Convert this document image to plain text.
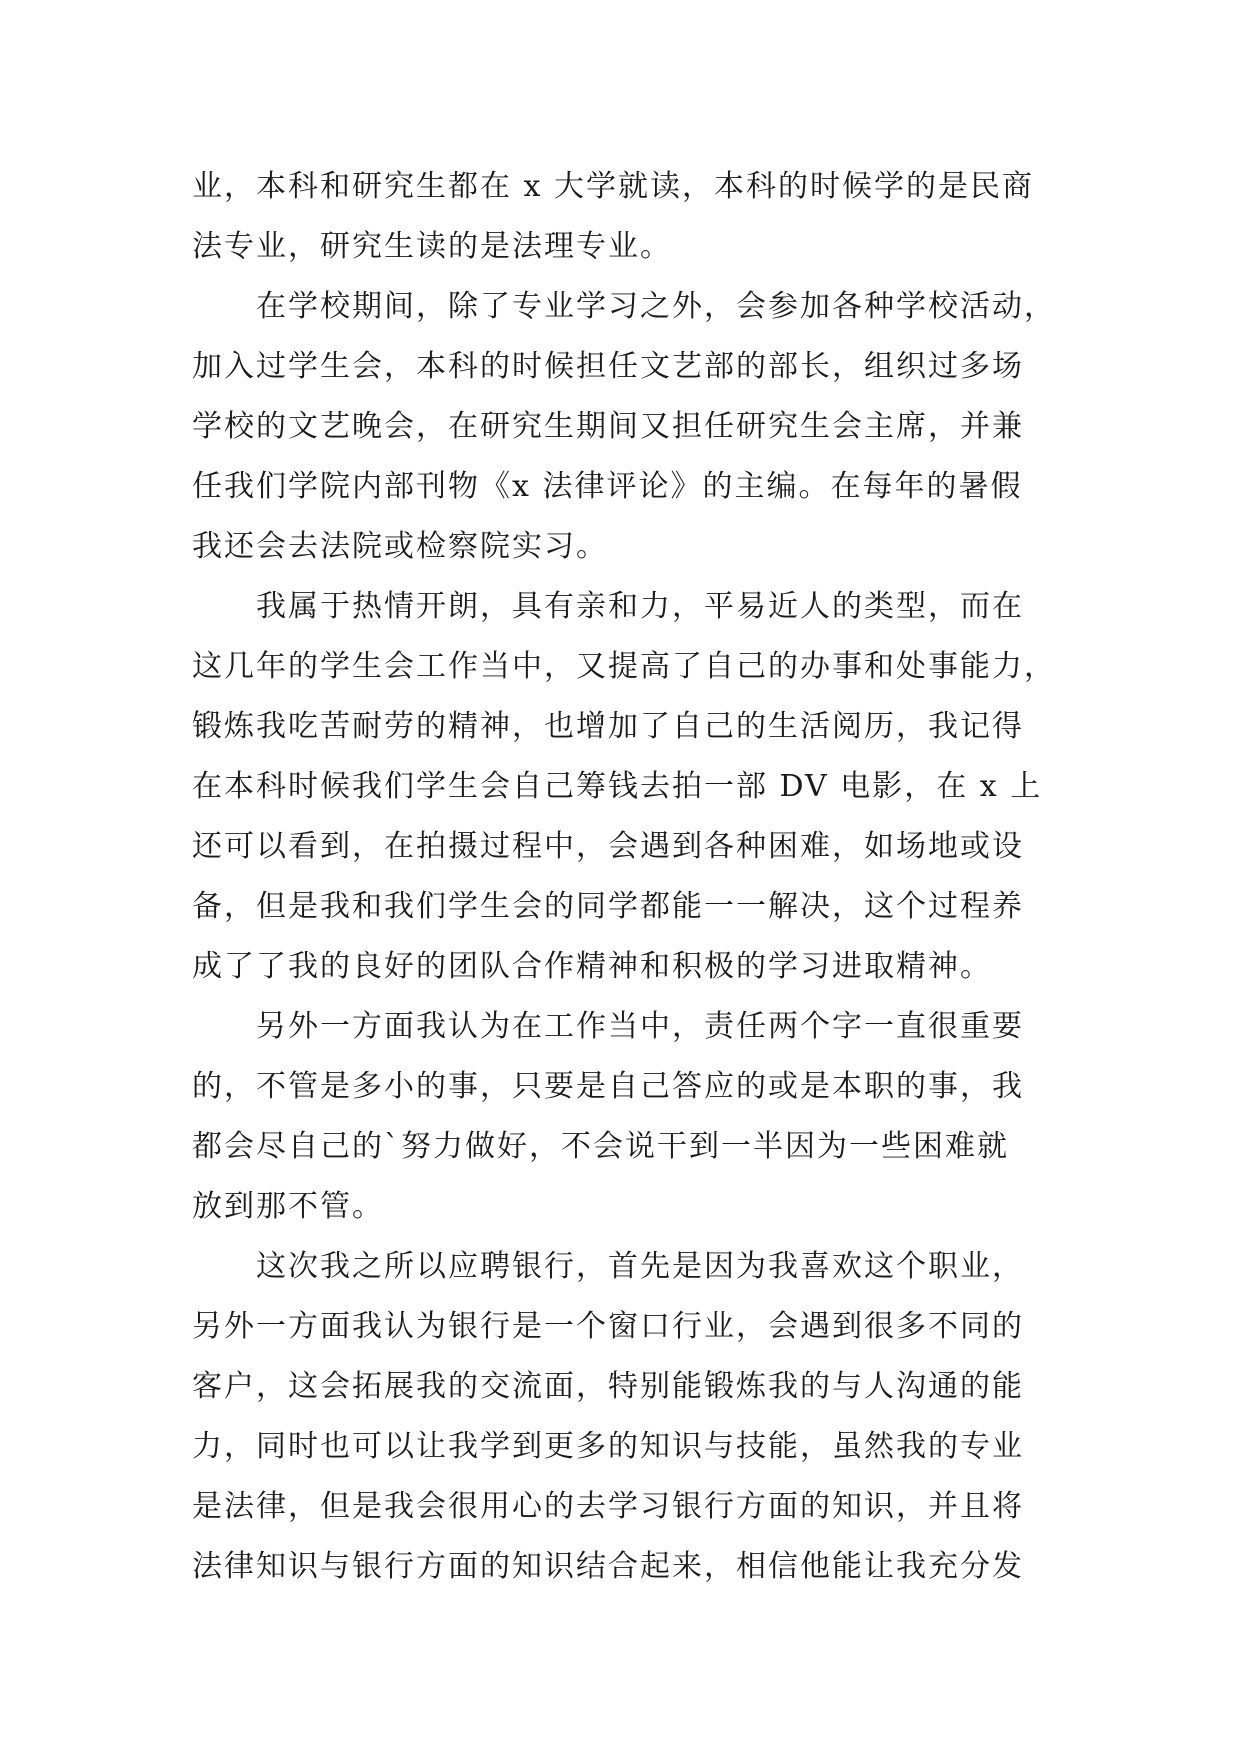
业，本科和研究生都在 x 大学就读，本科的时候学的是民商
法专业，研究生读的是法理专业。

在学校期间，除了专业学习之外，会参加各种学校活动，
加入过学生会，本科的时候担任文艺部的部长，组织过多场
学校的文艺晚会，在研究生期间又担任研究生会主席，并兼
任我们学院内部刊物《x 法律评论》的主编。在每年的暑假
我还会去法院或检察院实习。

我属于热情开朗，具有亲和力，平易近人的类型，而在
这几年的学生会工作当中，又提高了自己的办事和处事能力，
锻炼我吃苦耐劳的精神，也增加了自己的生活阅历，我记得
在本科时候我们学生会自己筹钱去拍一部 DV 电影，在 x 上
还可以看到，在拍摄过程中，会遇到各种困难，如场地或设
备，但是我和我们学生会的同学都能一一解决，这个过程养
成了了我的良好的团队合作精神和积极的学习进取精神。

另外一方面我认为在工作当中，责任两个字一直很重要
的，不管是多小的事，只要是自己答应的或是本职的事，我
都会尽自己的`努力做好，不会说干到一半因为一些困难就
放到那不管。

这次我之所以应聘银行，首先是因为我喜欢这个职业，
另外一方面我认为银行是一个窗口行业，会遇到很多不同的
客户，这会拓展我的交流面，特别能锻炼我的与人沟通的能
力，同时也可以让我学到更多的知识与技能，虽然我的专业
是法律，但是我会很用心的去学习银行方面的知识，并且将
法律知识与银行方面的知识结合起来，相信他能让我充分发
